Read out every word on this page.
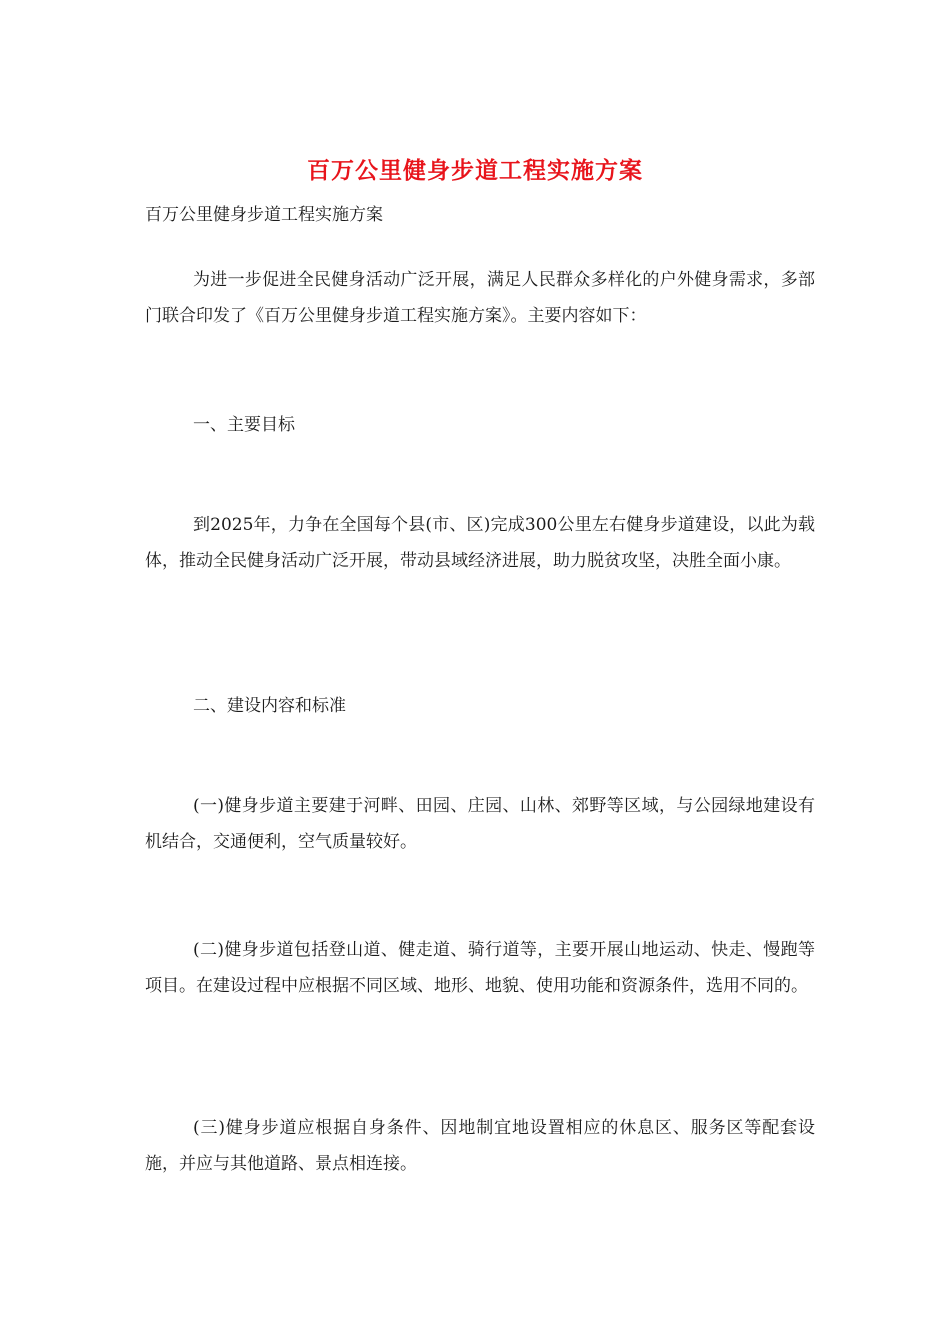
百万公里健身步道工程实施方案

百万公里健身步道工程实施方案

为进一步促进全民健身活动广泛开展，满足人民群众多样化的户外健身需求，多部门联合印发了《百万公里健身步道工程实施方案》。主要内容如下：

一、主要目标

到2025年，力争在全国每个县(市、区)完成300公里左右健身步道建设，以此为载体，推动全民健身活动广泛开展，带动县域经济进展，助力脱贫攻坚，决胜全面小康。

二、建设内容和标准

(一)健身步道主要建于河畔、田园、庄园、山林、郊野等区域，与公园绿地建设有机结合，交通便利，空气质量较好。

(二)健身步道包括登山道、健走道、骑行道等，主要开展山地运动、快走、慢跑等项目。在建设过程中应根据不同区域、地形、地貌、使用功能和资源条件，选用不同的。

(三)健身步道应根据自身条件、因地制宜地设置相应的休息区、服务区等配套设施，并应与其他道路、景点相连接。
